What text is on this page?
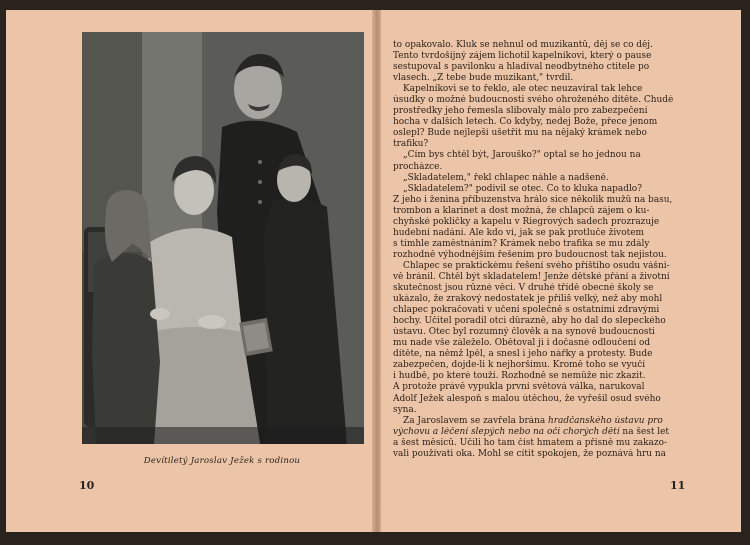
Devítiletý Jaroslav Ježek s rodinou
10
to opakovalo. Kluk se nehnul od muzikantů, děj se co děj.
Tento tvrdošíjný zájem lichotil kapelníkovi, který o pause
sestupoval s pavilonku a hladíval neodbytného ctitele po
vlasech. „Z tebe bude muzikant," tvrdil.
Kapelníkovi se to řeklo, ale otec neuzavíral tak lehce
úsudky o možné budoucnosti svého ohroženého dítěte. Chudé
prostředky jeho řemesla slibovaly málo pro zabezpečení
hocha v dalších letech. Co kdyby, nedej Bože, přece jenom
oslepl? Bude nejlepší ušetřit mu na nějaký krámek nebo
trafiku?
„Čím bys chtěl být, Jarouško?" optal se ho jednou na
procházce.
„Skladatelem," řekl chlapec náhle a nadšeně.
„Skladatelem?" podivil se otec. Co to kluka napadlo?
Z jeho i ženina příbuzenstva hrálo sice několik mužů na basu,
trombon a klarinet a dost možná, že chlapců zájem o ku-
chyňské pokličky a kapelu v Riegrových sadech prozrazuje
hudební nadání. Ale kdo ví, jak se pak protluče životem
s tímhle zaměstnáním? Krámek nebo trafika se mu zdály
rozhodně výhodnějším řešením pro budoucnost tak nejistou.
Chlapec se praktickému řešení svého příštího osudu vášni-
vě bránil. Chtěl být skladatelem! Jenže dětské přání a životní
skutečnost jsou různé věci. V druhé třídě obecné školy se
ukázalo, že zrakový nedostatek je příliš velký, než aby mohl
chlapec pokračovati v učení společně s ostatními zdravými
hochy. Učitel poradil otci důrazně, aby ho dal do slepeckého
ústavu. Otec byl rozumný člověk a na synově budoucnosti
mu nade vše záleželo. Obětoval ji i dočasné odloučení od
dítěte, na němž lpěl, a snesl i jeho nářky a protesty. Bude
zabezpečen, dojde-li k nejhoršímu. Kromě toho se vyučí
i hudbě, po které touží. Rozhodně se nemůže nic zkazit.
A protože právě vypukla první světová válka, narukoval
Adolf Ježek alespoň s malou útěchou, že vyřešil osud svého
syna.
Za Jaroslavem se zavřela brána hradčanského ústavu pro
výchovu a léčení slepých nebo na oči chorých dětí na šest let
a šest měsíců. Učili ho tam číst hmatem a přísně mu zakazo-
vali používati oka. Mohl se cítit spokojen, že poznává hru na
11
